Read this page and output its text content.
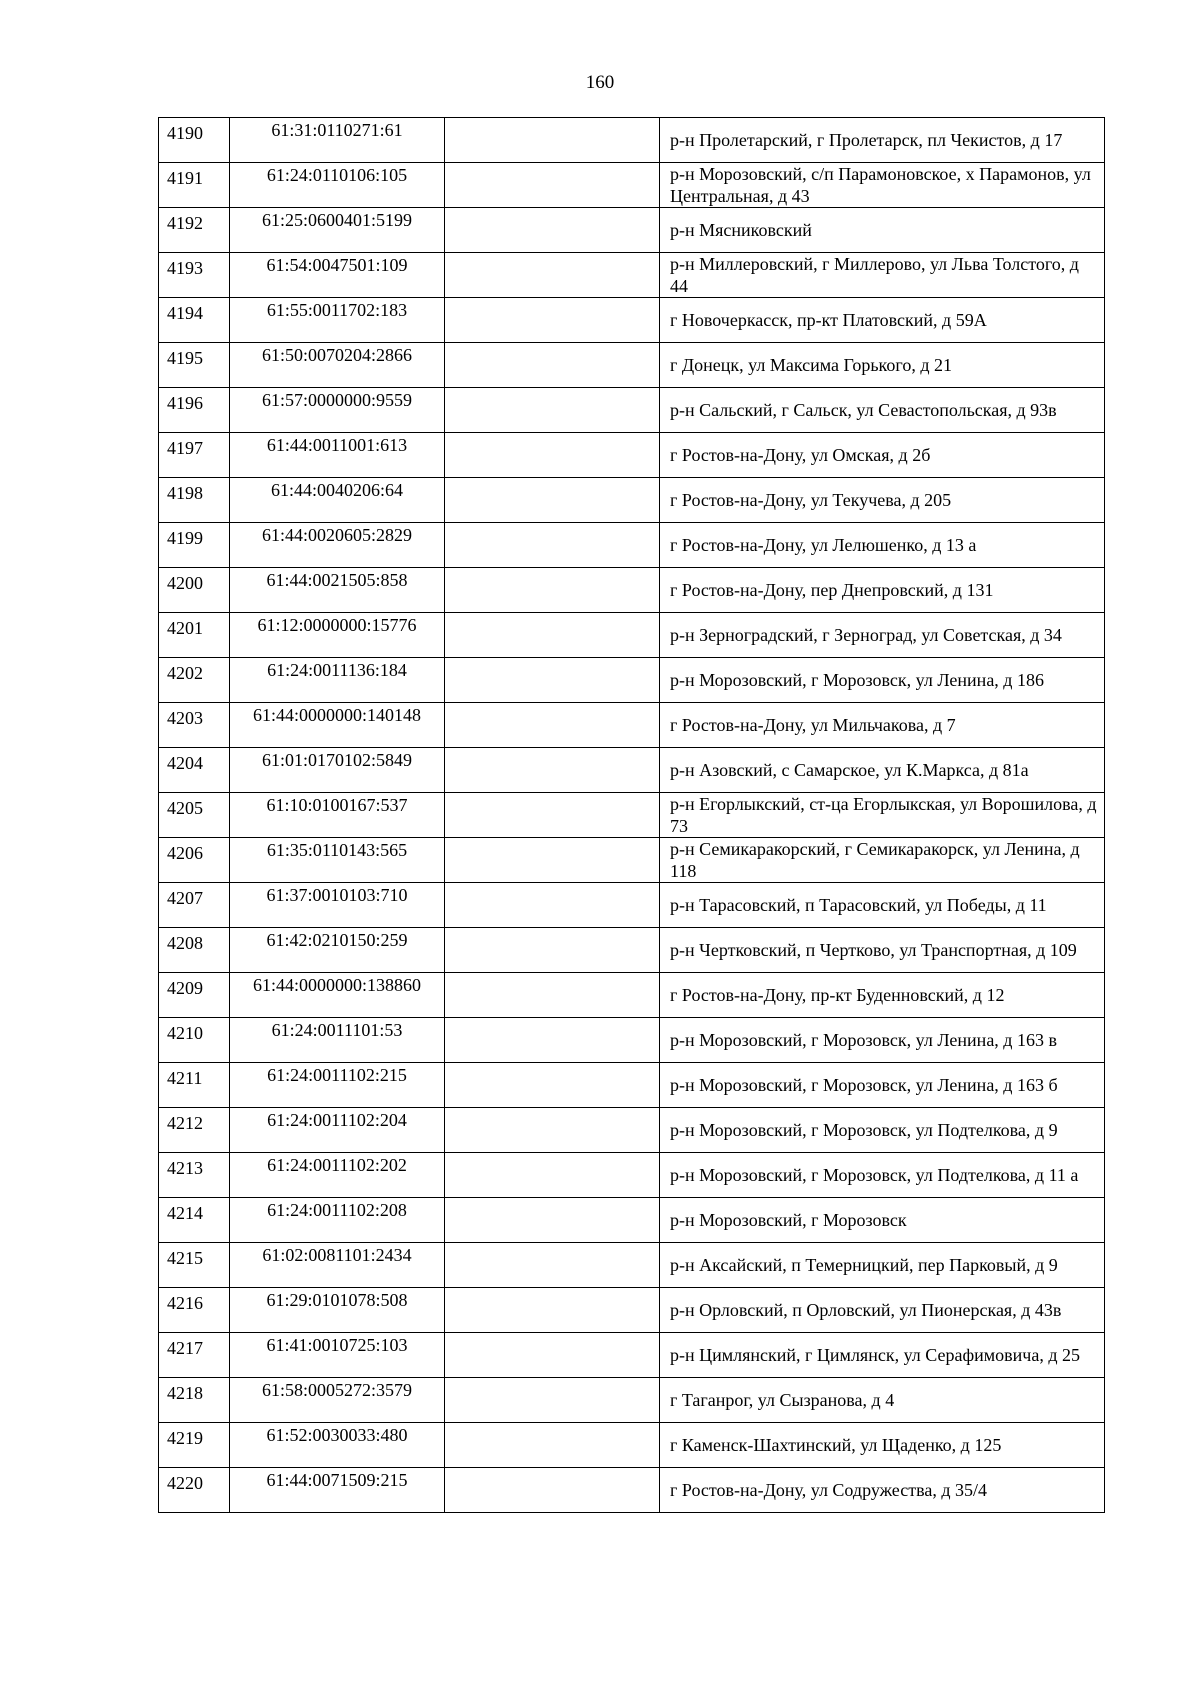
160
4190	61:31:0110271:61		р-н Пролетарский, г Пролетарск, пл Чекистов, д 17

4191	61:24:0110106:105		р-н Морозовский, с/п Парамоновское, х Парамонов, ул Центральная, д 43

4192	61:25:0600401:5199		р-н Мясниковский

4193	61:54:0047501:109		р-н Миллеровский, г Миллерово, ул Льва Толстого, д 44

4194	61:55:0011702:183		г Новочеркасск, пр-кт Платовский, д 59А

4195	61:50:0070204:2866		г Донецк, ул Максима Горького, д 21

4196	61:57:0000000:9559		р-н Сальский, г Сальск, ул Севастопольская, д 93в

4197	61:44:0011001:613		г Ростов-на-Дону, ул Омская, д 2б

4198	61:44:0040206:64		г Ростов-на-Дону, ул Текучева, д 205

4199	61:44:0020605:2829		г Ростов-на-Дону, ул Лелюшенко, д 13 а

4200	61:44:0021505:858		г Ростов-на-Дону, пер Днепровский, д 131

4201	61:12:0000000:15776		р-н Зерноградский, г Зерноград, ул Советская, д 34

4202	61:24:0011136:184		р-н Морозовский, г Морозовск, ул Ленина, д 186

4203	61:44:0000000:140148		г Ростов-на-Дону, ул Мильчакова, д 7

4204	61:01:0170102:5849		р-н Азовский, с Самарское, ул К.Маркса, д 81а

4205	61:10:0100167:537		р-н Егорлыкский, ст-ца Егорлыкская, ул Ворошилова, д 73

4206	61:35:0110143:565		р-н Семикаракорский, г Семикаракорск, ул Ленина, д 118

4207	61:37:0010103:710		р-н Тарасовский, п Тарасовский, ул Победы, д 11

4208	61:42:0210150:259		р-н Чертковский, п Чертково, ул Транспортная, д 109

4209	61:44:0000000:138860		г Ростов-на-Дону, пр-кт Буденновский, д 12

4210	61:24:0011101:53		р-н Морозовский, г Морозовск, ул Ленина, д 163 в

4211	61:24:0011102:215		р-н Морозовский, г Морозовск, ул Ленина, д 163 б

4212	61:24:0011102:204		р-н Морозовский, г Морозовск, ул Подтелкова, д 9

4213	61:24:0011102:202		р-н Морозовский, г Морозовск, ул Подтелкова, д 11 а

4214	61:24:0011102:208		р-н Морозовский, г Морозовск

4215	61:02:0081101:2434		р-н Аксайский, п Темерницкий, пер Парковый, д 9

4216	61:29:0101078:508		р-н Орловский, п Орловский, ул Пионерская, д 43в

4217	61:41:0010725:103		р-н Цимлянский, г Цимлянск, ул Серафимовича, д 25

4218	61:58:0005272:3579		г Таганрог, ул Сызранова, д 4

4219	61:52:0030033:480		г Каменск-Шахтинский, ул Щаденко, д 125

4220	61:44:0071509:215		г Ростов-на-Дону, ул Содружества, д 35/4
